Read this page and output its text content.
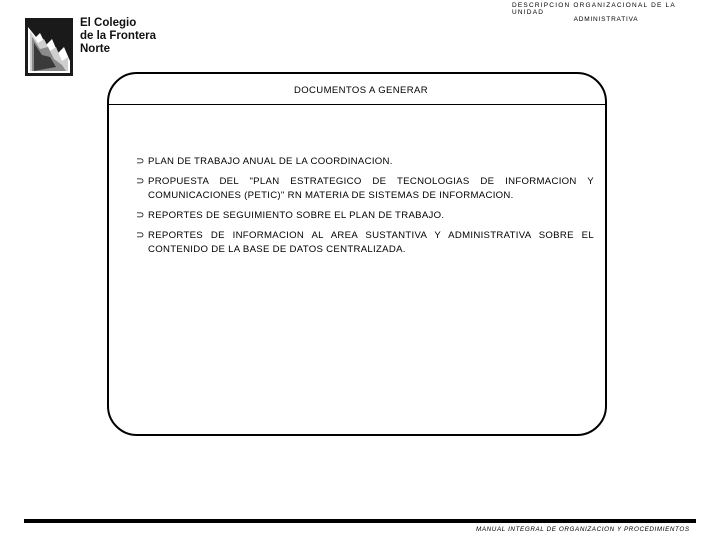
El Colegio
de la Frontera
Norte
DESCRIPCION ORGANIZACIONAL DE LA UNIDAD
ADMINISTRATIVA
DOCUMENTOS A GENERAR
⊃ PLAN DE TRABAJO ANUAL DE LA COORDINACION.
⊃ PROPUESTA DEL "PLAN ESTRATEGICO DE TECNOLOGIAS DE INFORMACION Y COMUNICACIONES (PETIC)" RN MATERIA DE SISTEMAS DE INFORMACION.
⊃ REPORTES DE SEGUIMIENTO SOBRE EL PLAN DE TRABAJO.
⊃ REPORTES DE INFORMACION AL AREA SUSTANTIVA Y ADMINISTRATIVA SOBRE EL CONTENIDO DE LA BASE DE DATOS CENTRALIZADA.
MANUAL INTEGRAL DE ORGANIZACION Y PROCEDIMIENTOS
